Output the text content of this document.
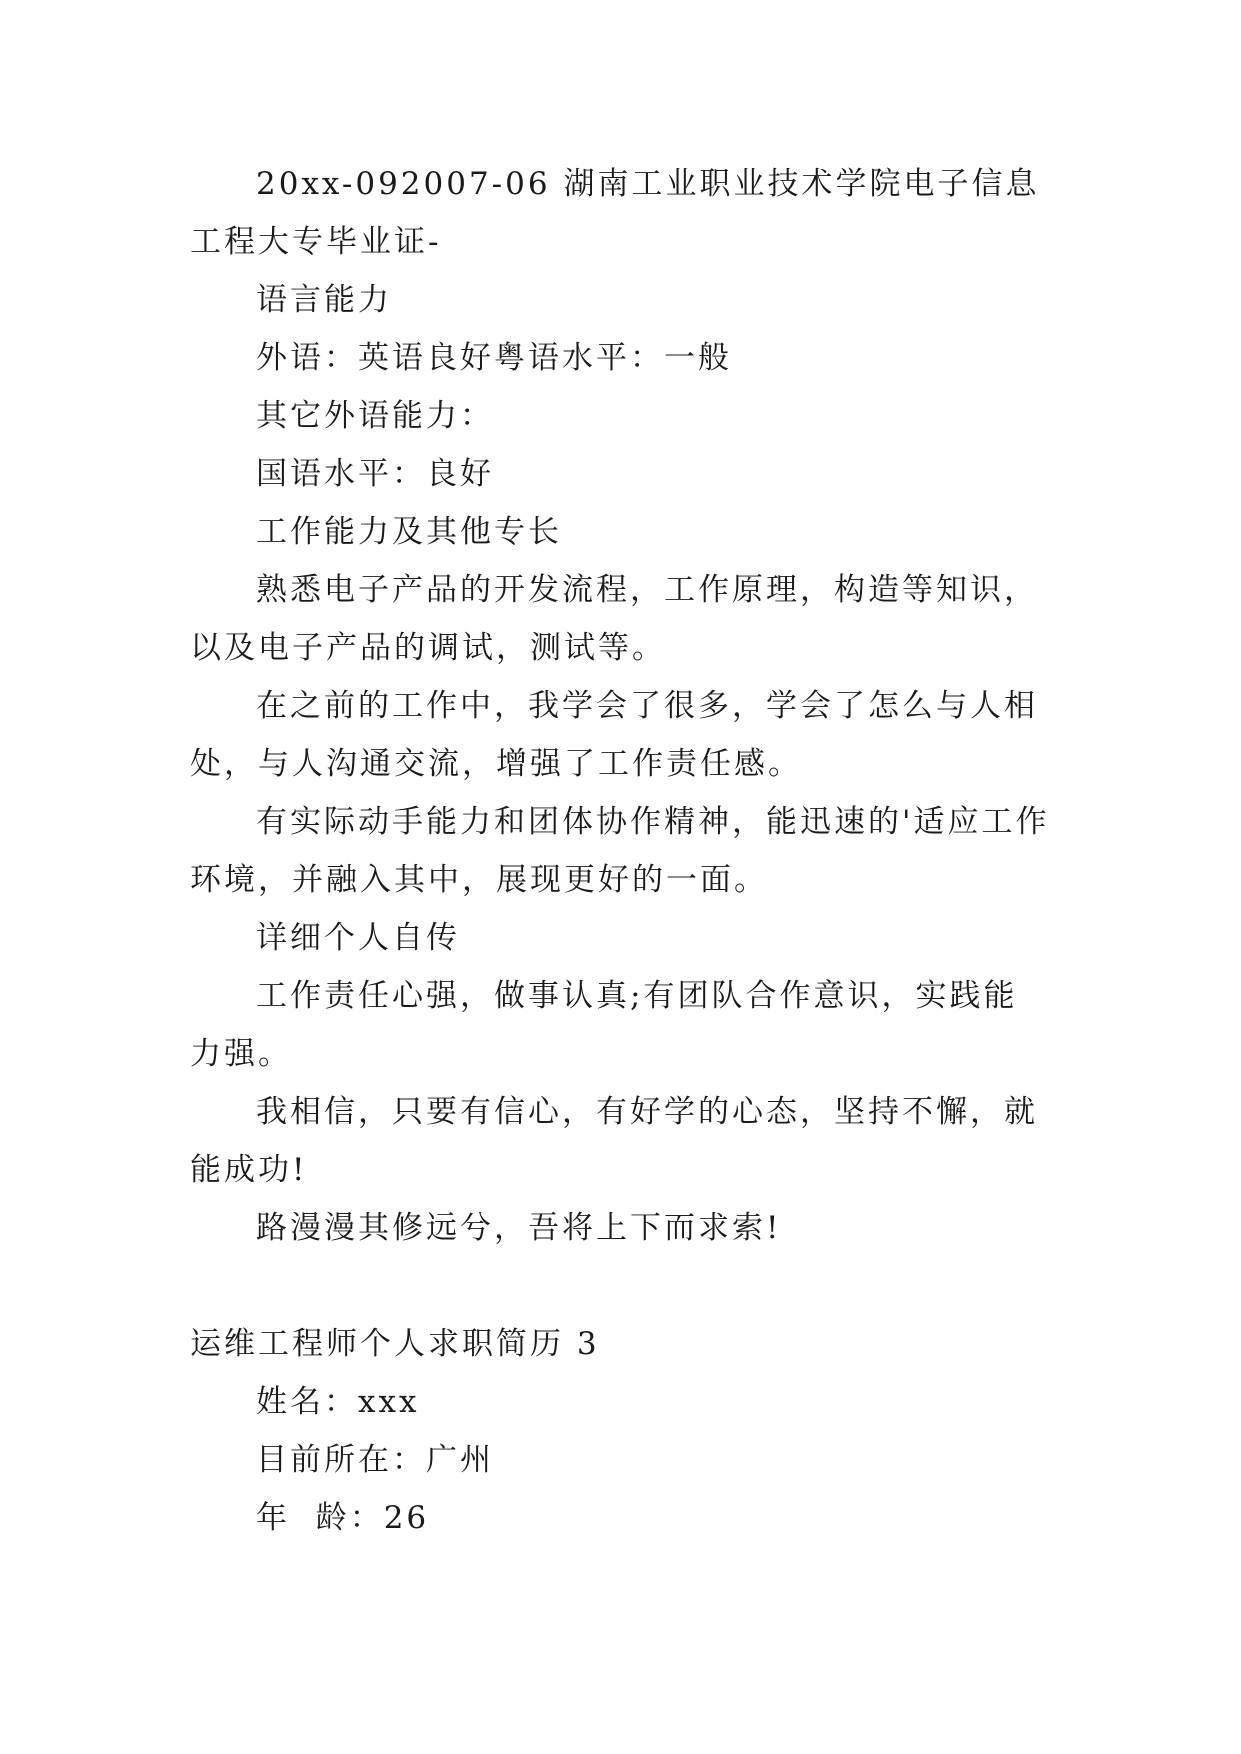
20xx-092007-06 湖南工业职业技术学院电子信息工程大专毕业证-

语言能力

外语：英语良好粤语水平：一般

其它外语能力：

国语水平：良好

工作能力及其他专长

熟悉电子产品的开发流程，工作原理，构造等知识，以及电子产品的调试，测试等。

在之前的工作中，我学会了很多，学会了怎么与人相处，与人沟通交流，增强了工作责任感。

有实际动手能力和团体协作精神，能迅速的'适应工作环境，并融入其中，展现更好的一面。

详细个人自传

工作责任心强，做事认真;有团队合作意识，实践能力强。

我相信，只要有信心，有好学的心态，坚持不懈，就能成功!

路漫漫其修远兮，吾将上下而求索!

运维工程师个人求职简历 3

姓名：xxx

目前所在：广州

年  龄：26
